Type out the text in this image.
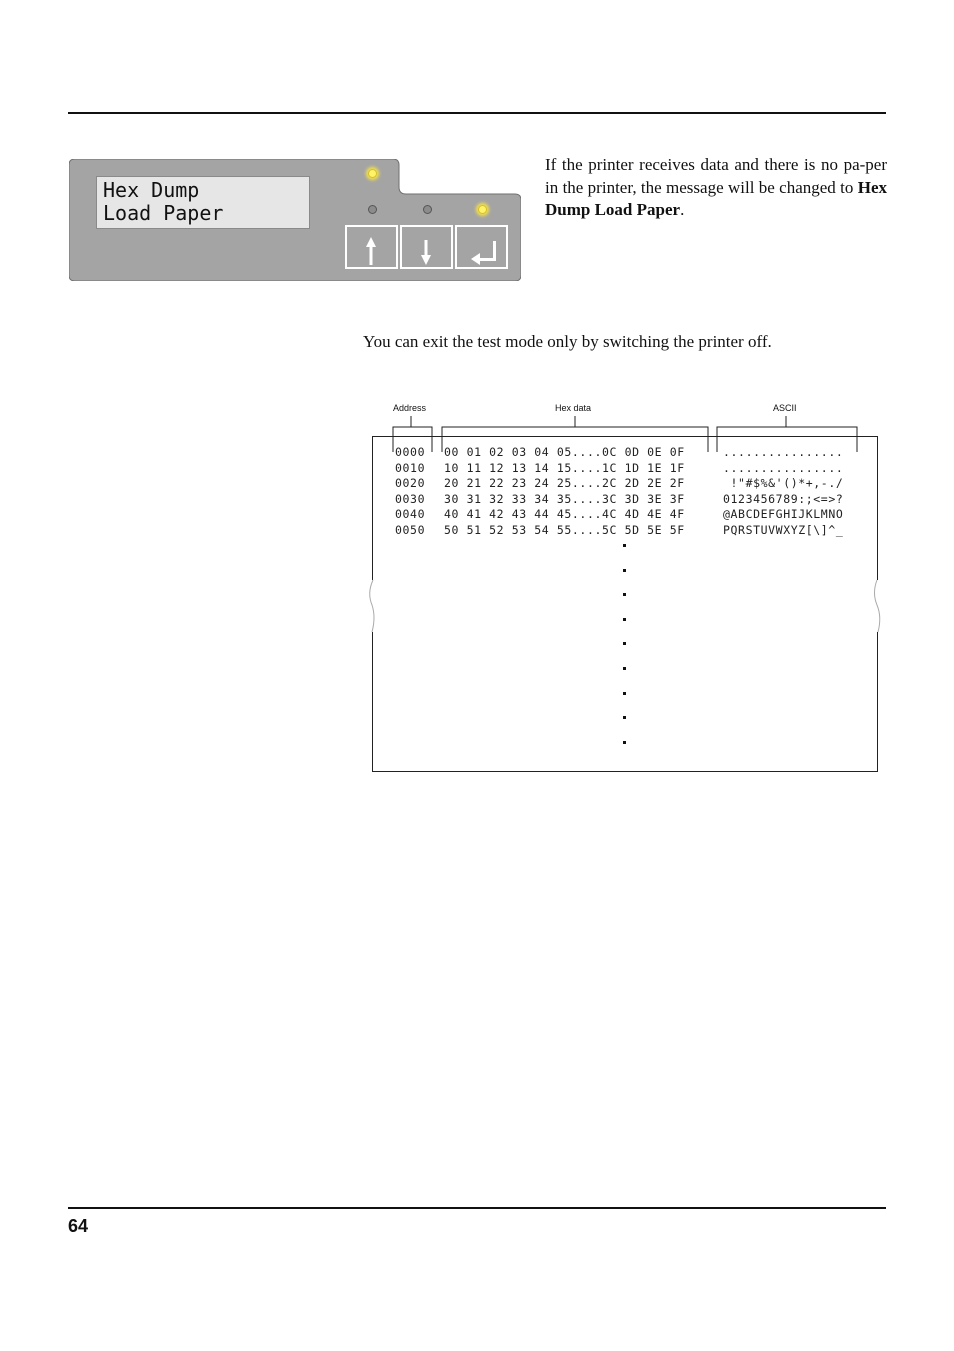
Hex Dump
Load Paper
If the printer receives data and there is no pa-per in the printer, the message will be changed to Hex Dump Load Paper.
You can exit the test mode only by switching the printer off.
Address	Hex data	ASCII
0000 00 01 02 03 04 05....0C 0D 0E 0F	................
0010 10 11 12 13 14 15....1C 1D 1E 1F	................
0020 20 21 22 23 24 25....2C 2D 2E 2F	!"#$%&'()*+,-./
0030 30 31 32 33 34 35....3C 3D 3E 3F	0123456789:;<=>?
0040 40 41 42 43 44 45....4C 4D 4E 4F	@ABCDEFGHIJKLMNO
0050 50 51 52 53 54 55....5C 5D 5E 5F	PQRSTUVWXYZ[\]^_
64
